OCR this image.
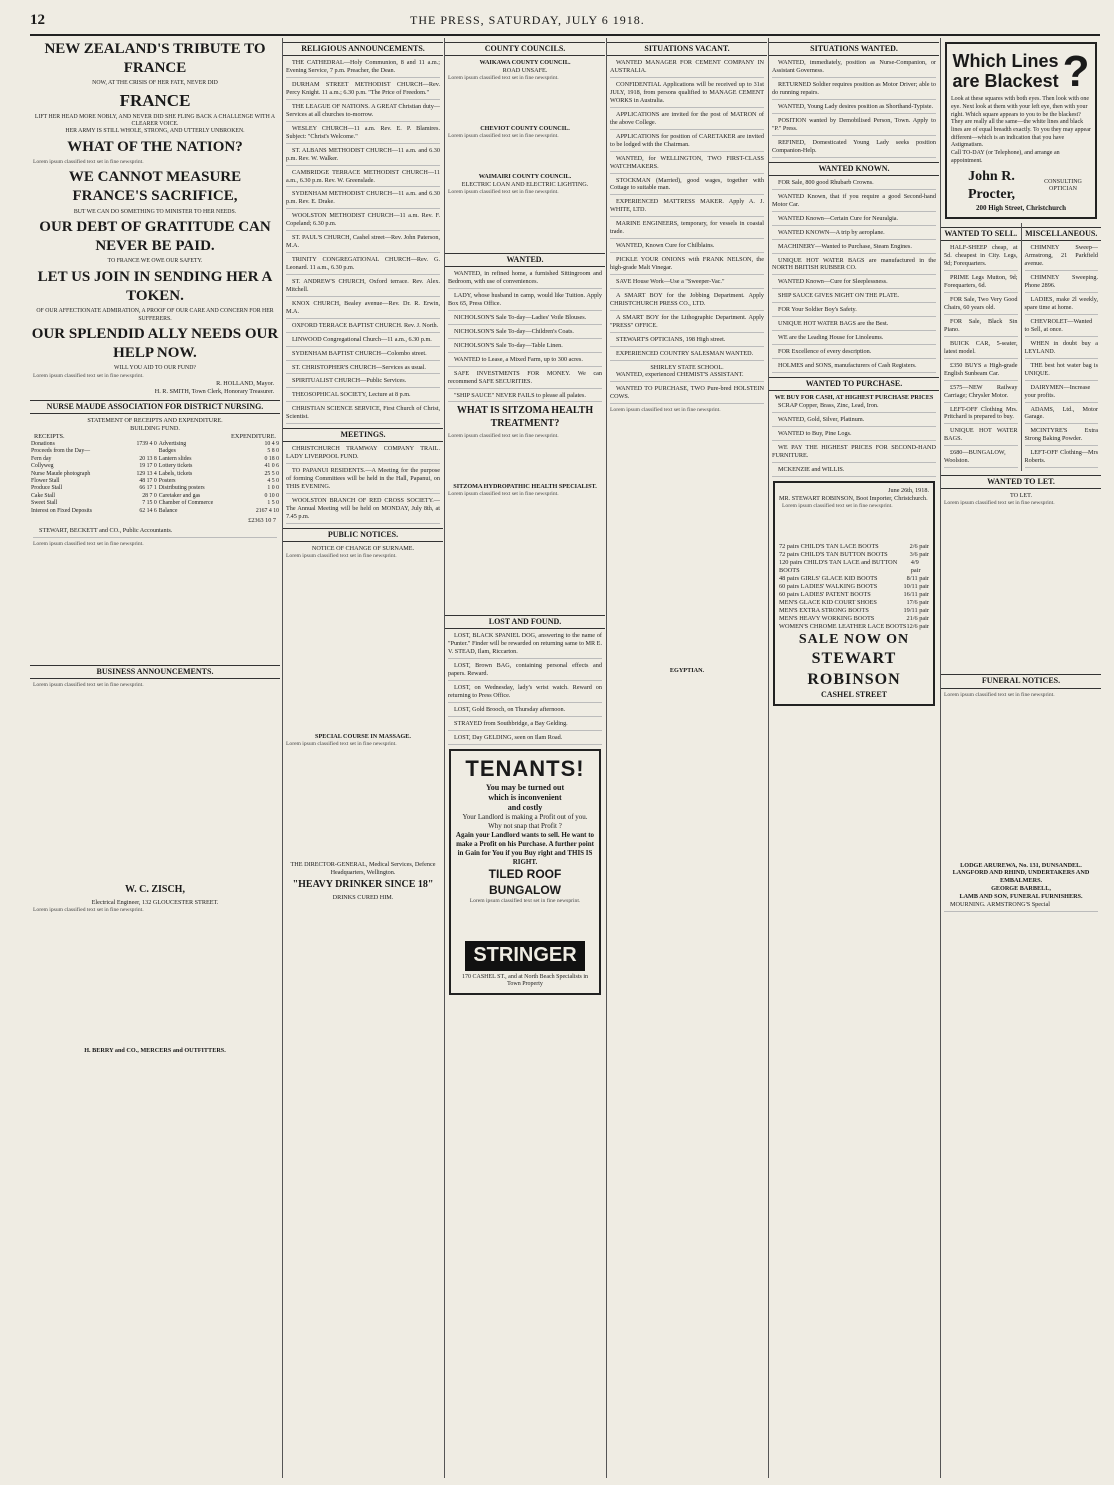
12	THE PRESS, SATURDAY, JULY 6 1918.
NEW ZEALAND'S TRIBUTE TO FRANCE
NOW, AT THE CRISIS OF HER FATE, NEVER DID
FRANCE
LIFT HER HEAD MORE NOBLY, AND NEVER DID SHE FLING BACK A CHALLENGE WITH A CLEARER VOICE.
HER ARMY IS STILL WHOLE, STRONG, AND UTTERLY UNBROKEN.
WHAT OF THE NATION?
Lorem ipsum classified text set in fine newsprint.
WE CANNOT MEASURE FRANCE'S SACRIFICE,
BUT WE CAN DO SOMETHING TO MINISTER TO HER NEEDS.
OUR DEBT OF GRATITUDE CAN NEVER BE PAID.
TO FRANCE WE OWE OUR SAFETY.
LET US JOIN IN SENDING HER A TOKEN.
OF OUR AFFECTIONATE ADMIRATION, A PROOF OF OUR CARE AND CONCERN FOR HER SUFFERERS.
OUR SPLENDID ALLY NEEDS OUR HELP NOW.
WILL YOU AID TO OUR FUND?
Lorem ipsum classified text set in fine newsprint.
R. HOLLAND, Mayor.
H. R. SMITH, Town Clerk, Honorary Treasurer.
NURSE MAUDE ASSOCIATION FOR DISTRICT NURSING.
STATEMENT OF RECEIPTS AND EXPENDITURE.
BUILDING FUND.
RECEIPTS.	EXPENDITURE.
Donations	1739 4 0	Advertising	10 4 9
Proceeds from the Day—		Badges	5 8 0
Fern day	20 13 8	Lantern slides	0 18 0
Collyweg	19 17 0	Lottery tickets	41 0 6
Nurse Maude photograph	129 13 4	Labels, tickets	25 5 0
Flower Stall	48 17 0	Posters	4 5 0
Produce Stall	66 17 1	Distributing posters	1 0 0
Cake Stall	28 7 0	Caretaker and gas	0 10 0
Sweet Stall	7 15 0	Chamber of Commerce	1 5 0
Interest on Fixed Deposits	62 14 6	Balance	2167 4 10
£2363 10 7
STEWART, BECKETT and CO., Public Accountants.
Lorem ipsum classified text set in fine newsprint.
BUSINESS ANNOUNCEMENTS.
Lorem ipsum classified text set in fine newsprint.
W. C. ZISCH,
Electrical Engineer, 132 GLOUCESTER STREET.
Lorem ipsum classified text set in fine newsprint.
H. BERRY and CO., MERCERS and OUTFITTERS.
RELIGIOUS ANNOUNCEMENTS.
THE CATHEDRAL—Holy Communion, 8 and 11 a.m.; Evening Service, 7 p.m. Preacher, the Dean.
DURHAM STREET METHODIST CHURCH—Rev. Percy Knight. 11 a.m.; 6.30 p.m. "The Price of Freedom."
THE LEAGUE OF NATIONS. A GREAT Christian duty—Services at all churches to-morrow.
WESLEY CHURCH—11 a.m. Rev. E. P. Blamires. Subject: "Christ's Welcome."
ST. ALBANS METHODIST CHURCH—11 a.m. and 6.30 p.m. Rev. W. Walker.
CAMBRIDGE TERRACE METHODIST CHURCH—11 a.m., 6.30 p.m. Rev. W. Greenslade.
SYDENHAM METHODIST CHURCH—11 a.m. and 6.30 p.m. Rev. E. Drake.
WOOLSTON METHODIST CHURCH—11 a.m. Rev. F. Copeland; 6.30 p.m.
ST. PAUL'S CHURCH, Cashel street—Rev. John Paterson, M.A.
TRINITY CONGREGATIONAL CHURCH—Rev. G. Leonard. 11 a.m., 6.30 p.m.
ST. ANDREW'S CHURCH, Oxford terrace. Rev. Alex. Mitchell.
KNOX CHURCH, Bealey avenue—Rev. Dr. R. Erwin, M.A.
OXFORD TERRACE BAPTIST CHURCH. Rev. J. North.
LINWOOD Congregational Church—11 a.m., 6.30 p.m.
SYDENHAM BAPTIST CHURCH—Colombo street.
ST. CHRISTOPHER'S CHURCH—Services as usual.
SPIRITUALIST CHURCH—Public Services.
THEOSOPHICAL SOCIETY, Lecture at 8 p.m.
CHRISTIAN SCIENCE SERVICE, First Church of Christ, Scientist.
MEETINGS.
CHRISTCHURCH TRAMWAY COMPANY TRAIL. LADY LIVERPOOL FUND.
TO PAPANUI RESIDENTS.—A Meeting for the purpose of forming Committees will be held in the Hall, Papanui, on THIS EVENING.
WOOLSTON BRANCH OF RED CROSS SOCIETY.—The Annual Meeting will be held on MONDAY, July 8th, at 7.45 p.m.
PUBLIC NOTICES.
NOTICE OF CHANGE OF SURNAME.
Lorem ipsum classified text set in fine newsprint.
SPECIAL COURSE IN MASSAGE.
Lorem ipsum classified text set in fine newsprint.
THE DIRECTOR-GENERAL, Medical Services, Defence Headquarters, Wellington.
"HEAVY DRINKER SINCE 18"
DRINKS CURED HIM.
COUNTY COUNCILS.
WAIKAWA COUNTY COUNCIL.
ROAD UNSAFE.
Lorem ipsum classified text set in fine newsprint.
CHEVIOT COUNTY COUNCIL.
Lorem ipsum classified text set in fine newsprint.
WAIMAIRI COUNTY COUNCIL.
ELECTRIC LOAN AND ELECTRIC LIGHTING.
Lorem ipsum classified text set in fine newsprint.
WANTED.
WANTED, in refined home, a furnished Sittingroom and Bedroom, with use of conveniences.
LADY, whose husband in camp, would like Tuition. Apply Box 65, Press Office.
NICHOLSON'S Sale To-day—Ladies' Voile Blouses.
NICHOLSON'S Sale To-day—Children's Coats.
NICHOLSON'S Sale To-day—Table Linen.
WANTED to Lease, a Mixed Farm, up to 300 acres.
SAFE INVESTMENTS FOR MONEY. We can recommend SAFE SECURITIES.
"SHIP SAUCE" NEVER FAILS to please all palates.
WHAT IS SITZOMA HEALTH TREATMENT?
Lorem ipsum classified text set in fine newsprint.
SITZOMA HYDROPATHIC HEALTH SPECIALIST.
Lorem ipsum classified text set in fine newsprint.
LOST AND FOUND.
LOST, BLACK SPANIEL DOG, answering to the name of "Punter." Finder will be rewarded on returning same to MR E. V. STEAD, Ilam, Riccarton.
LOST, Brown BAG, containing personal effects and papers. Reward.
LOST, on Wednesday, lady's wrist watch. Reward on returning to Press Office.
LOST, Gold Brooch, on Thursday afternoon.
STRAYED from Southbridge, a Bay Gelding.
LOST, Day GELDING, seen on Ilam Road.
TENANTS!
You may be turned out
which is inconvenient
and costly
Your Landlord is making a Profit out of you. Why not snap that Profit ?
Again your Landlord wants to sell. He want to make a Profit on his Purchase. A further point in Gain for You if you Buy right and THIS IS RIGHT.
TILED ROOF BUNGALOW
Lorem ipsum classified text set in fine newsprint.
STRINGER
170 CASHEL ST., and at North Beach Specialists in Town Property
SITUATIONS VACANT.
WANTED MANAGER FOR CEMENT COMPANY IN AUSTRALIA.
CONFIDENTIAL Applications will be received up to 31st JULY, 1918, from persons qualified to MANAGE CEMENT WORKS in Australia.
APPLICATIONS are invited for the post of MATRON of the above College.
APPLICATIONS for position of CARETAKER are invited to be lodged with the Chairman.
WANTED, for WELLINGTON, TWO FIRST-CLASS WATCHMAKERS.
STOCKMAN (Married), good wages, together with Cottage to suitable man.
EXPERIENCED MATTRESS MAKER. Apply A. J. WHITE, LTD.
MARINE ENGINEERS, temporary, for vessels in coastal trade.
WANTED, Known Cure for Chilblains.
PICKLE YOUR ONIONS with FRANK NELSON, the high-grade Malt Vinegar.
SAVE House Work—Use a "Sweeper-Vac."
A SMART BOY for the Jobbing Department. Apply CHRISTCHURCH PRESS CO., LTD.
A SMART BOY for the Lithographic Department. Apply "PRESS" OFFICE.
STEWART'S OPTICIANS, 198 High street.
EXPERIENCED COUNTRY SALESMAN WANTED.
SHIRLEY STATE SCHOOL.
WANTED, experienced CHEMIST'S ASSISTANT.
WANTED TO PURCHASE, TWO Pure-bred HOLSTEIN COWS.
Lorem ipsum classified text set in fine newsprint.
EGYPTIAN.
SITUATIONS WANTED.
WANTED, immediately, position as Nurse-Companion, or Assistant Governess.
RETURNED Soldier requires position as Motor Driver; able to do running repairs.
WANTED, Young Lady desires position as Shorthand-Typiste.
POSITION wanted by Demobilised Person, Town. Apply to "P." Press.
REFINED, Domesticated Young Lady seeks position Companion-Help.
WANTED KNOWN.
FOR Sale, 800 good Rhubarb Crowns.
WANTED Known, that if you require a good Second-hand Motor Car.
WANTED Known—Certain Cure for Neuralgia.
WANTED KNOWN—A trip by aeroplane.
MACHINERY—Wanted to Purchase, Steam Engines.
UNIQUE HOT WATER BAGS are manufactured in the NORTH BRITISH RUBBER CO.
WANTED Known—Cure for Sleeplessness.
SHIP SAUCE GIVES NIGHT ON THE PLATE.
FOR Your Soldier Boy's Safety.
UNIQUE HOT WATER BAGS are the Best.
WE are the Leading House for Linoleums.
FOR Excellence of every description.
HOLMES and SONS, manufacturers of Cash Registers.
WANTED TO PURCHASE.
WE BUY FOR CASH, AT HIGHEST PURCHASE PRICES
SCRAP Copper, Brass, Zinc, Lead, Iron.
WANTED, Gold, Silver, Platinum.
WANTED to Buy, Pine Logs.
WE PAY THE HIGHEST PRICES FOR SECOND-HAND FURNITURE.
MCKENZIE and WILLIS.
June 26th, 1918.
MR. STEWART ROBINSON, Boot Importer, Christchurch.
Lorem ipsum classified text set in fine newsprint.
72 pairs CHILD'S TAN LACE BOOTS	2/6 pair
72 pairs CHILD'S TAN BUTTON BOOTS	3/6 pair
120 pairs CHILD'S TAN LACE and BUTTON BOOTS
4/9 pair
48 pairs GIRLS' GLACE KID BOOTS	8/11 pair
60 pairs LADIES' WALKING BOOTS	10/11 pair
60 pairs LADIES' PATENT BOOTS	16/11 pair
MEN'S GLACE KID COURT SHOES	17/6 pair
MEN'S EXTRA STRONG BOOTS	19/11 pair
MEN'S HEAVY WORKING BOOTS	21/6 pair
WOMEN'S CHROME LEATHER LACE BOOTS 12/6 pair
SALE NOW ON
STEWART ROBINSON
CASHEL STREET
Which Lines
are Blackest ?
Look at these squares with both eyes. Then look with one eye. Next look at them with your left eye, then with your right. Which square appears to you to be the blackest?
They are really all the same—the white lines and black lines are of equal breadth exactly. To you they may appear different—which is an indication that you have Astigmatism.
Call TO-DAY (or Telephone), and arrange an appointment.
John R. Procter,
CONSULTING OPTICIAN
200 High Street, Christchurch
WANTED TO SELL.
HALF-SHEEP cheap, at 5d. cheapest in City. Legs, 9d; Forequarters.
PRIME Legs Mutton, 9d; Forequarters, 6d.
FOR Sale, Two Very Good Chairs, 60 years old.
FOR Sale, Black Sin Piano.
BUICK CAR, 5-seater, latest model.
£350 BUYS a High-grade English Sunbeam Car.
£575—NEW Railway Carriage; Chrysler Motor.
LEFT-OFF Clothing Mrs. Pritchard is prepared to buy.
UNIQUE HOT WATER BAGS.
£680—BUNGALOW, Woolston.
MISCELLANEOUS.
CHIMNEY Sweep—Armstrong, 21 Parkfield avenue.
CHIMNEY Sweeping. Phone 2896.
LADIES, make 2l weekly, spare time at home.
CHEVROLET—Wanted to Sell, at once.
WHEN in doubt buy a LEYLAND.
THE best hot water bag is UNIQUE.
DAIRYMEN—Increase your profits.
ADAMS, Ltd., Motor Garage.
MCINTYRE'S Extra Strong Baking Powder.
LEFT-OFF Clothing—Mrs Roberts.
WANTED TO LET.
TO LET.
Lorem ipsum classified text set in fine newsprint.
FUNERAL NOTICES.
Lorem ipsum classified text set in fine newsprint.
LODGE ARUREWA, No. 131, DUNSANDEL.
LANGFORD AND RHIND, UNDERTAKERS AND EMBALMERS.
GEORGE BARBELL,
LAMB AND SON, FUNERAL FURNISHERS.
MOURNING. ARMSTRONG'S Special
